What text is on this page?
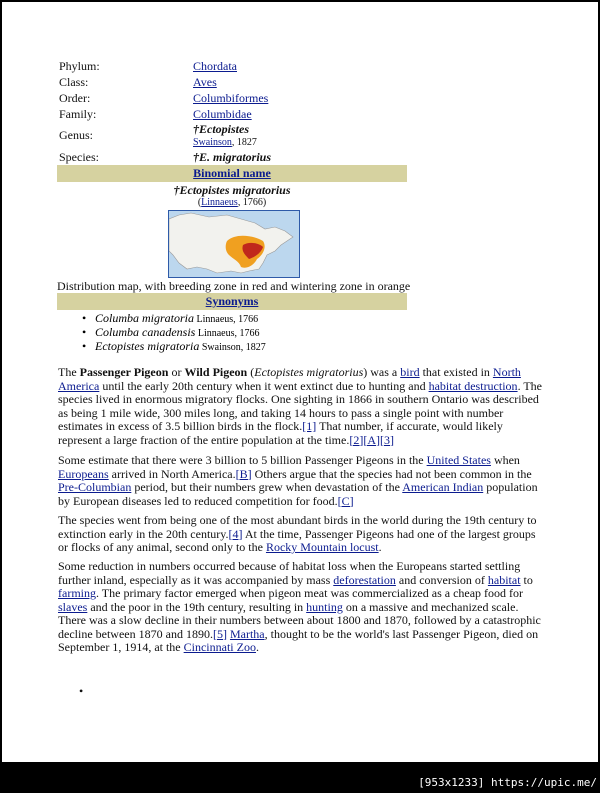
Phylum:	Chordata
Class:	Aves
Order:	Columbiformes
Family:	Columbidae
Genus:	†Ectopistes
Swainson, 1827
Species:	†E. migratorius
Binomial name
†Ectopistes migratorius
(Linnaeus, 1766)
Distribution map, with breeding zone in red and wintering zone in orange
Synonyms
• Columba migratoria Linnaeus, 1766
• Columba canadensis Linnaeus, 1766
• Ectopistes migratoria Swainson, 1827

The Passenger Pigeon or Wild Pigeon (Ectopistes migratorius) was a bird that existed in North America until the early 20th century when it went extinct due to hunting and habitat destruction. The species lived in enormous migratory flocks. One sighting in 1866 in southern Ontario was described as being 1 mile wide, 300 miles long, and taking 14 hours to pass a single point with number estimates in excess of 3.5 billion birds in the flock.[1] That number, if accurate, would likely represent a large fraction of the entire population at the time.[2][A][3]

Some estimate that there were 3 billion to 5 billion Passenger Pigeons in the United States when Europeans arrived in North America.[B] Others argue that the species had not been common in the Pre-Columbian period, but their numbers grew when devastation of the American Indian population by European diseases led to reduced competition for food.[C]

The species went from being one of the most abundant birds in the world during the 19th century to extinction early in the 20th century.[4] At the time, Passenger Pigeons had one of the largest groups or flocks of any animal, second only to the Rocky Mountain locust.

Some reduction in numbers occurred because of habitat loss when the Europeans started settling further inland, especially as it was accompanied by mass deforestation and conversion of habitat to farming. The primary factor emerged when pigeon meat was commercialized as a cheap food for slaves and the poor in the 19th century, resulting in hunting on a massive and mechanized scale. There was a slow decline in their numbers between about 1800 and 1870, followed by a catastrophic decline between 1870 and 1890.[5] Martha, thought to be the world's last Passenger Pigeon, died on September 1, 1914, at the Cincinnati Zoo.

•
[953x1233] https://upic.me/
